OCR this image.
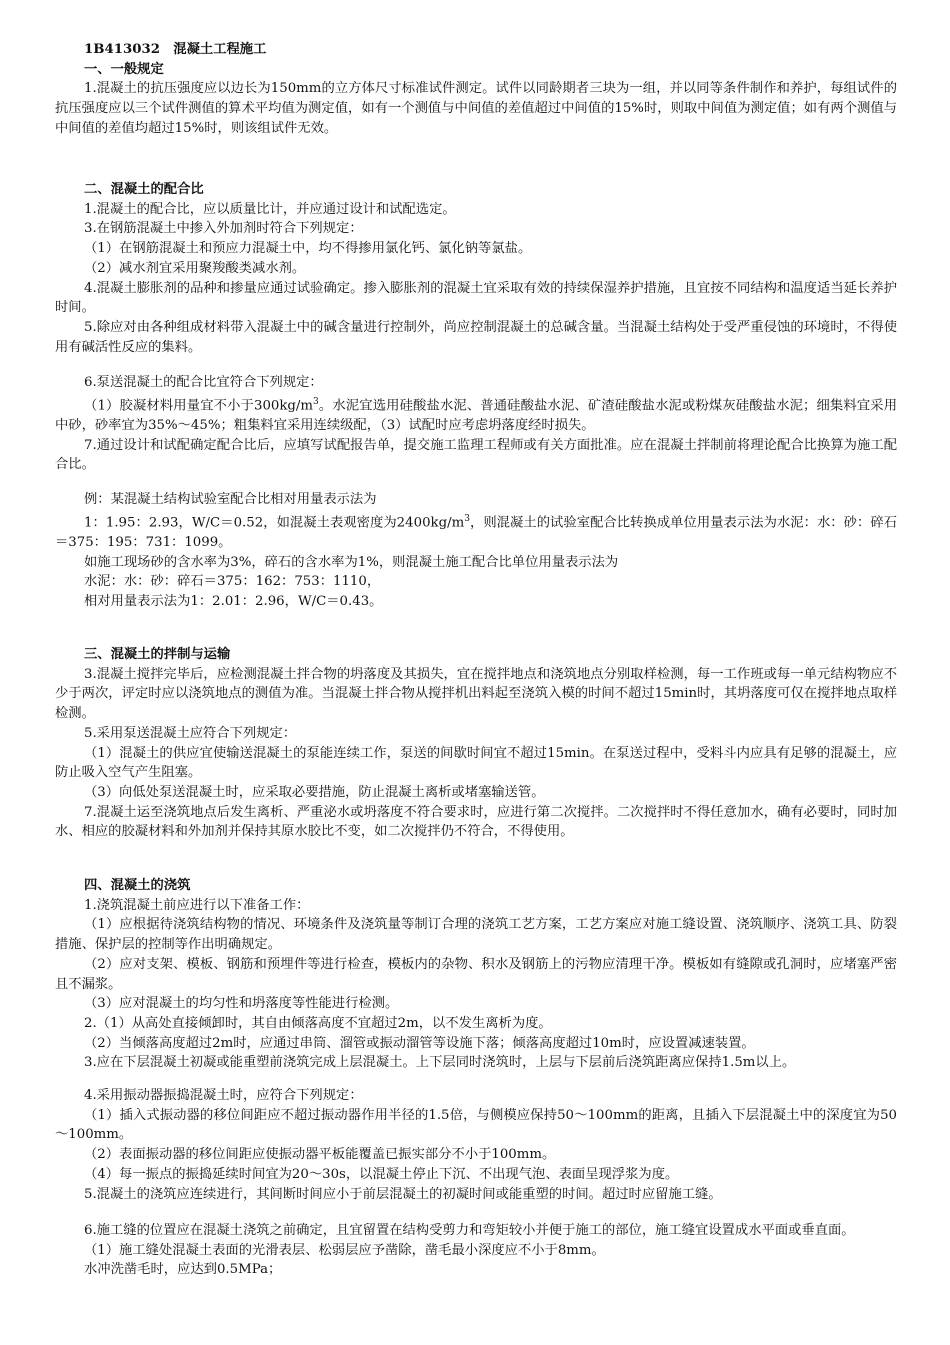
1B413032　混凝土工程施工

一、一般规定

1.混凝土的抗压强度应以边长为150mm的立方体尺寸标准试件测定。试件以同龄期者三块为一组，并以同等条件制作和养护，每组试件的抗压强度应以三个试件测值的算术平均值为测定值，如有一个测值与中间值的差值超过中间值的15%时，则取中间值为测定值；如有两个测值与中间值的差值均超过15%时，则该组试件无效。

二、混凝土的配合比

1.混凝土的配合比，应以质量比计，并应通过设计和试配选定。

3.在钢筋混凝土中掺入外加剂时符合下列规定：

（1）在钢筋混凝土和预应力混凝土中，均不得掺用氯化钙、氯化钠等氯盐。

（2）减水剂宜采用聚羧酸类减水剂。

4.混凝土膨胀剂的品种和掺量应通过试验确定。掺入膨胀剂的混凝土宜采取有效的持续保湿养护措施，且宜按不同结构和温度适当延长养护时间。

5.除应对由各种组成材料带入混凝土中的碱含量进行控制外，尚应控制混凝土的总碱含量。当混凝土结构处于受严重侵蚀的环境时，不得使用有碱活性反应的集料。

6.泵送混凝土的配合比宜符合下列规定：

（1）胶凝材料用量宜不小于$300kg/m^3$。水泥宜选用硅酸盐水泥、普通硅酸盐水泥、矿渣硅酸盐水泥或粉煤灰硅酸盐水泥；细集料宜采用中砂，砂率宜为35%～45%；粗集料宜采用连续级配，（3）试配时应考虑坍落度经时损失。

7.通过设计和试配确定配合比后，应填写试配报告单，提交施工监理工程师或有关方面批准。应在混凝土拌制前将理论配合比换算为施工配合比。

例：某混凝土结构试验室配合比相对用量表示法为

1：1.95：2.93，W/C＝0.52，如混凝土表观密度为$2400kg/m^3$，则混凝土的试验室配合比转换成单位用量表示法为水泥：水：砂：碎石＝375：195：731：1099。

如施工现场砂的含水率为3%，碎石的含水率为1%，则混凝土施工配合比单位用量表示法为

水泥：水：砂：碎石＝375：162：753：1110，

相对用量表示法为1：2.01：2.96，W/C＝0.43。

三、混凝土的拌制与运输

3.混凝土搅拌完毕后，应检测混凝土拌合物的坍落度及其损失，宜在搅拌地点和浇筑地点分别取样检测，每一工作班或每一单元结构物应不少于两次，评定时应以浇筑地点的测值为准。当混凝土拌合物从搅拌机出料起至浇筑入模的时间不超过15min时，其坍落度可仅在搅拌地点取样检测。

5.采用泵送混凝土应符合下列规定：

（1）混凝土的供应宜使输送混凝土的泵能连续工作，泵送的间歇时间宜不超过15min。在泵送过程中，受料斗内应具有足够的混凝土，应防止吸入空气产生阻塞。

（3）向低处泵送混凝土时，应采取必要措施，防止混凝土离析或堵塞输送管。

7.混凝土运至浇筑地点后发生离析、严重泌水或坍落度不符合要求时，应进行第二次搅拌。二次搅拌时不得任意加水，确有必要时，同时加水、相应的胶凝材料和外加剂并保持其原水胶比不变，如二次搅拌仍不符合，不得使用。

四、混凝土的浇筑

1.浇筑混凝土前应进行以下准备工作：

（1）应根据待浇筑结构物的情况、环境条件及浇筑量等制订合理的浇筑工艺方案，工艺方案应对施工缝设置、浇筑顺序、浇筑工具、防裂措施、保护层的控制等作出明确规定。

（2）应对支架、模板、钢筋和预埋件等进行检查，模板内的杂物、积水及钢筋上的污物应清理干净。模板如有缝隙或孔洞时，应堵塞严密且不漏浆。

（3）应对混凝土的均匀性和坍落度等性能进行检测。

2.（1）从高处直接倾卸时，其自由倾落高度不宜超过2m，以不发生离析为度。

（2）当倾落高度超过2m时，应通过串筒、溜管或振动溜管等设施下落；倾落高度超过10m时，应设置减速装置。

3.应在下层混凝土初凝或能重塑前浇筑完成上层混凝土。上下层同时浇筑时，上层与下层前后浇筑距离应保持1.5m以上。

4.采用振动器振捣混凝土时，应符合下列规定：

（1）插入式振动器的移位间距应不超过振动器作用半径的1.5倍，与侧模应保持50～100mm的距离，且插入下层混凝土中的深度宜为50～100mm。

（2）表面振动器的移位间距应使振动器平板能覆盖已振实部分不小于100mm。

（4）每一振点的振捣延续时间宜为20～30s，以混凝土停止下沉、不出现气泡、表面呈现浮浆为度。

5.混凝土的浇筑应连续进行，其间断时间应小于前层混凝土的初凝时间或能重塑的时间。超过时应留施工缝。

6.施工缝的位置应在混凝土浇筑之前确定，且宜留置在结构受剪力和弯矩较小并便于施工的部位，施工缝宜设置成水平面或垂直面。

（1）施工缝处混凝土表面的光滑表层、松弱层应予凿除，凿毛最小深度应不小于8mm。

水冲洗凿毛时，应达到0.5MPa；
